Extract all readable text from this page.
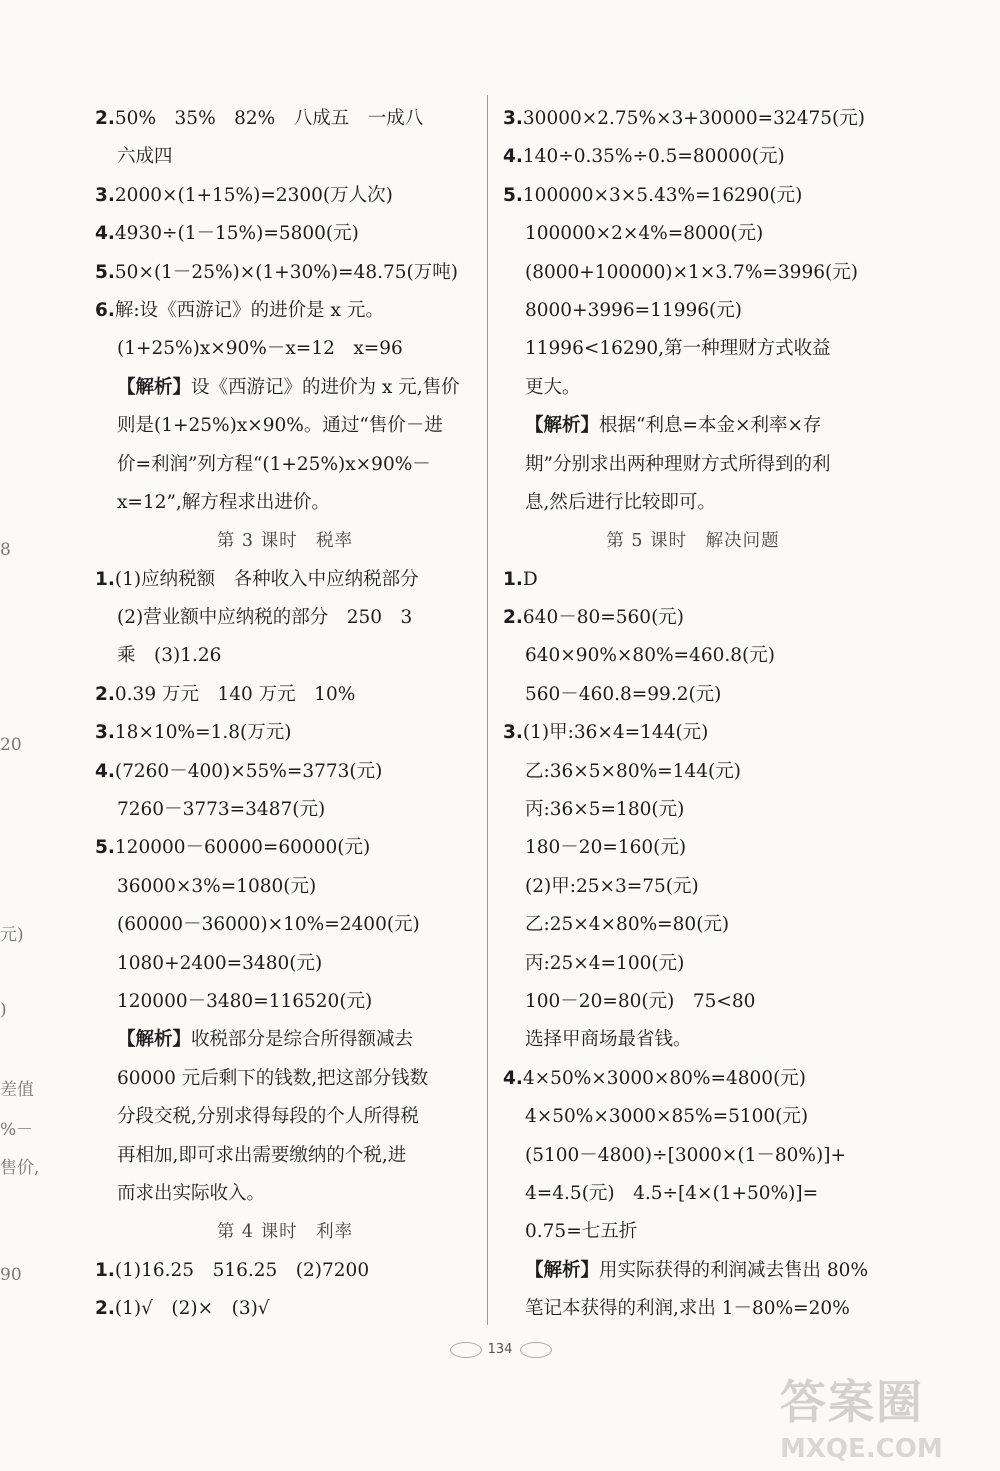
8
20
元)
)
差值
%－
售价,
90
2.50%　35%　82%　八成五　一成八
六成四
3.2000×(1+15%)=2300(万人次)
4.4930÷(1－15%)=5800(元)
5.50×(1－25%)×(1+30%)=48.75(万吨)
6.解:设《西游记》的进价是 x 元。
(1+25%)x×90%－x=12　x=96
【解析】设《西游记》的进价为 x 元,售价
则是(1+25%)x×90%。通过“售价－进
价=利润”列方程“(1+25%)x×90%－
x=12”,解方程求出进价。
第 3 课时　税率
1.(1)应纳税额　各种收入中应纳税部分
(2)营业额中应纳税的部分　250　3
乘　(3)1.26
2.0.39 万元　140 万元　10%
3.18×10%=1.8(万元)
4.(7260－400)×55%=3773(元)
7260－3773=3487(元)
5.120000－60000=60000(元)
36000×3%=1080(元)
(60000－36000)×10%=2400(元)
1080+2400=3480(元)
120000－3480=116520(元)
【解析】收税部分是综合所得额减去
60000 元后剩下的钱数,把这部分钱数
分段交税,分别求得每段的个人所得税
再相加,即可求出需要缴纳的个税,进
而求出实际收入。
第 4 课时　利率
1.(1)16.25　516.25　(2)7200
2.(1)√　(2)×　(3)√
3.30000×2.75%×3+30000=32475(元)
4.140÷0.35%÷0.5=80000(元)
5.100000×3×5.43%=16290(元)
100000×2×4%=8000(元)
(8000+100000)×1×3.7%=3996(元)
8000+3996=11996(元)
11996<16290,第一种理财方式收益
更大。
【解析】根据“利息=本金×利率×存
期”分别求出两种理财方式所得到的利
息,然后进行比较即可。
第 5 课时　解决问题
1.D
2.640－80=560(元)
640×90%×80%=460.8(元)
560－460.8=99.2(元)
3.(1)甲:36×4=144(元)
乙:36×5×80%=144(元)
丙:36×5=180(元)
180－20=160(元)
(2)甲:25×3=75(元)
乙:25×4×80%=80(元)
丙:25×4=100(元)
100－20=80(元)　75<80
选择甲商场最省钱。
4.4×50%×3000×80%=4800(元)
4×50%×3000×85%=5100(元)
(5100－4800)÷[3000×(1－80%)]+
4=4.5(元)　4.5÷[4×(1+50%)]=
0.75=七五折
【解析】用实际获得的利润减去售出 80%
笔记本获得的利润,求出 1－80%=20%
134
答案圈
MXQE.COM
